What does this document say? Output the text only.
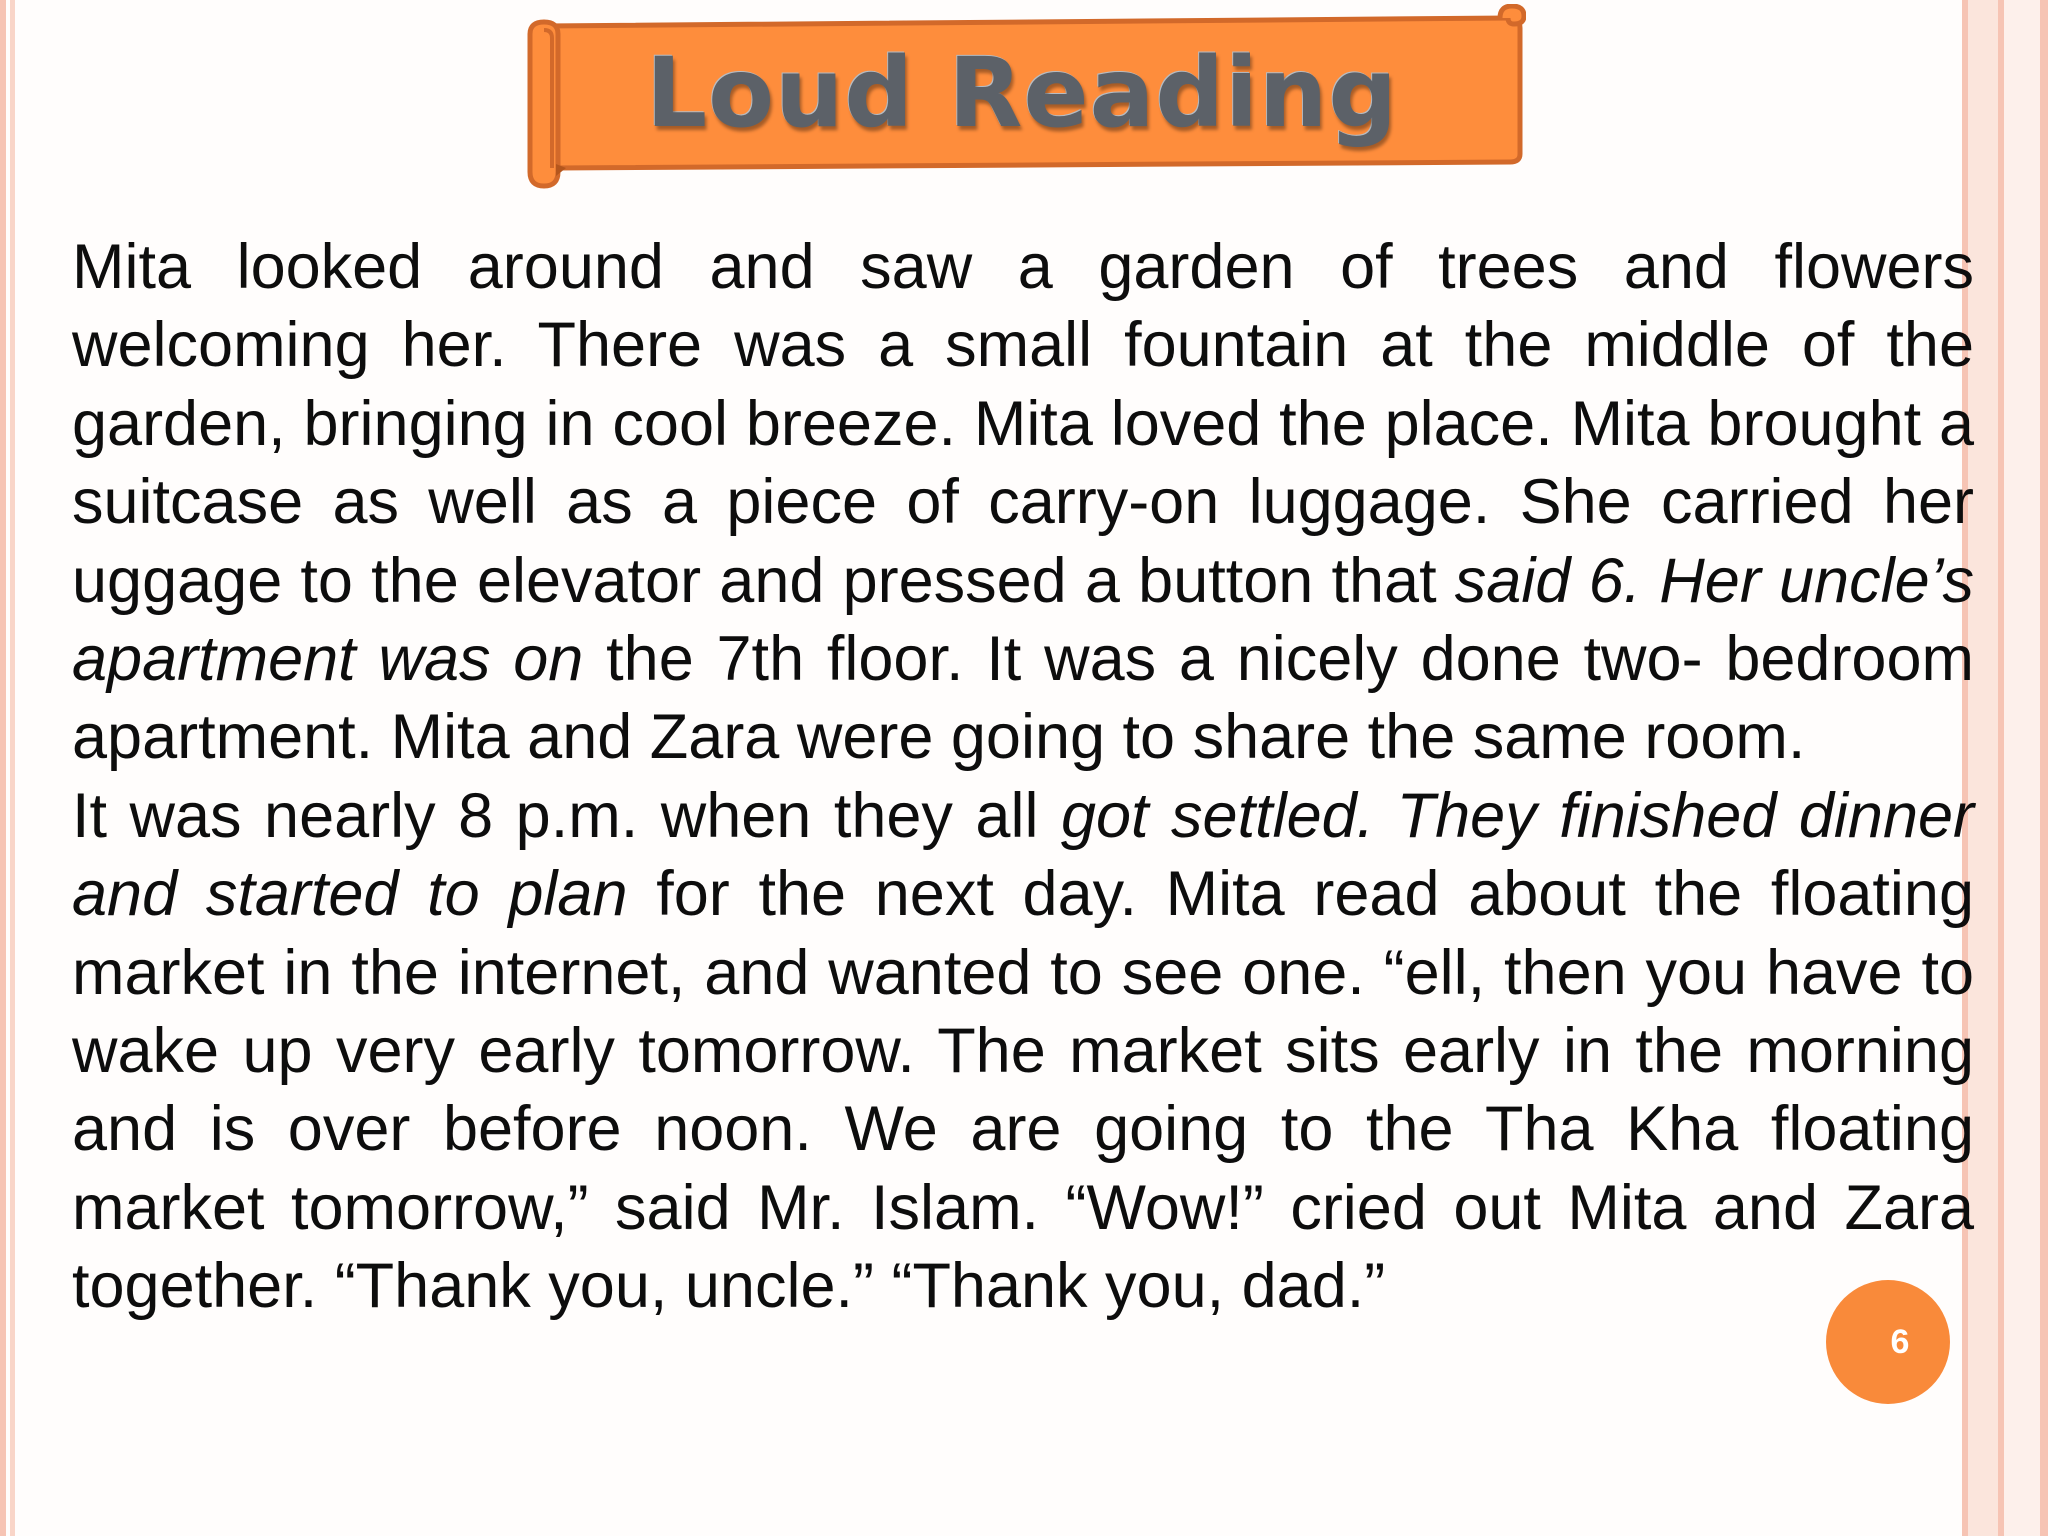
Loud Reading

Mita looked around and saw a garden of trees and flowers welcoming her. There was a small fountain at the middle of the garden, bringing in cool breeze. Mita loved the place. Mita brought a suitcase as well as a piece of carry-on luggage. She carried her uggage to the elevator and pressed a button that said 6. Her uncle’s apartment was on the 7th floor. It was a nicely done two- bedroom apartment. Mita and Zara were going to share the same room.

It was nearly 8 p.m. when they all got settled. They finished dinner and started to plan for the next day. Mita read about the floating market in the internet, and wanted to see one. “ell, then you have to wake up very early tomorrow. The market sits early in the morning and is over before noon. We are going to the Tha Kha floating market tomorrow,” said Mr. Islam. “Wow!” cried out Mita and Zara together. “Thank you, uncle.” “Thank you, dad.”

6
